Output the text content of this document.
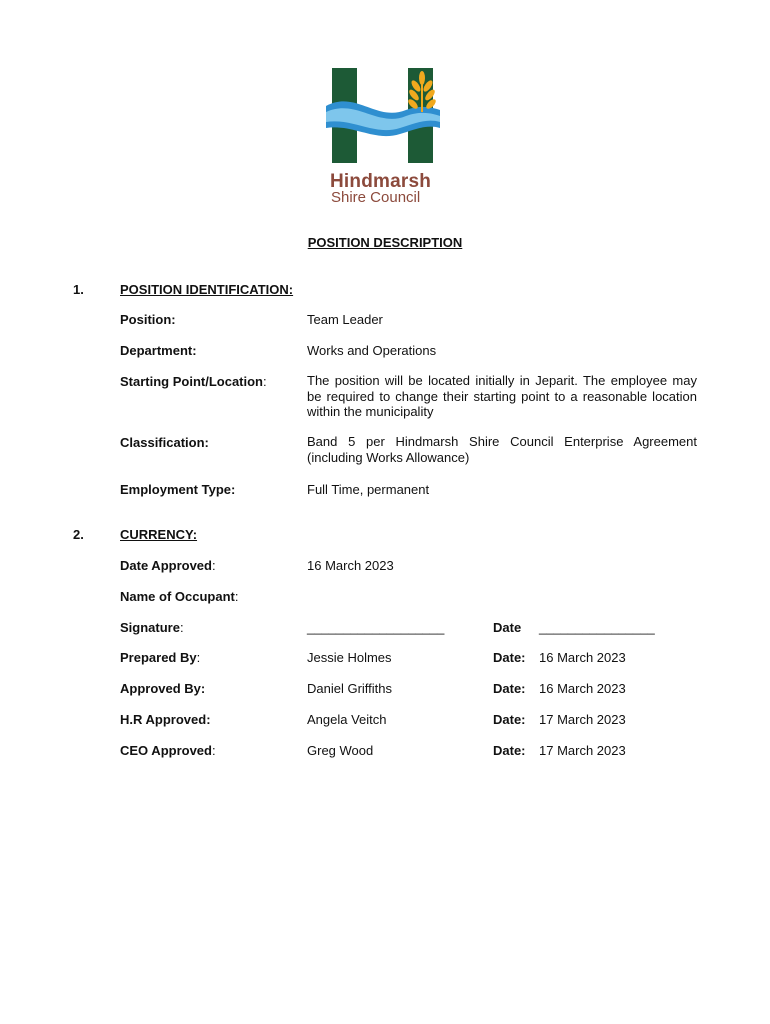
Hindmarsh
Shire Council
POSITION DESCRIPTION
1.	POSITION IDENTIFICATION:
Position:	Team Leader
Department:	Works and Operations
Starting Point/Location:	The position will be located initially in Jeparit. The employee may be required to change their starting point to a reasonable location within the municipality
Classification:	Band 5 per Hindmarsh Shire Council Enterprise Agreement (including Works Allowance)
Employment Type:	Full Time, permanent
2.	CURRENCY:
Date Approved:	16 March 2023
Name of Occupant:
Signature:	___________________	Date ________________
Prepared By:	Jessie Holmes	Date: 16 March 2023
Approved By:	Daniel Griffiths	Date: 16 March 2023
H.R Approved:	Angela Veitch	Date: 17 March 2023
CEO Approved:	Greg Wood	Date: 17 March 2023
